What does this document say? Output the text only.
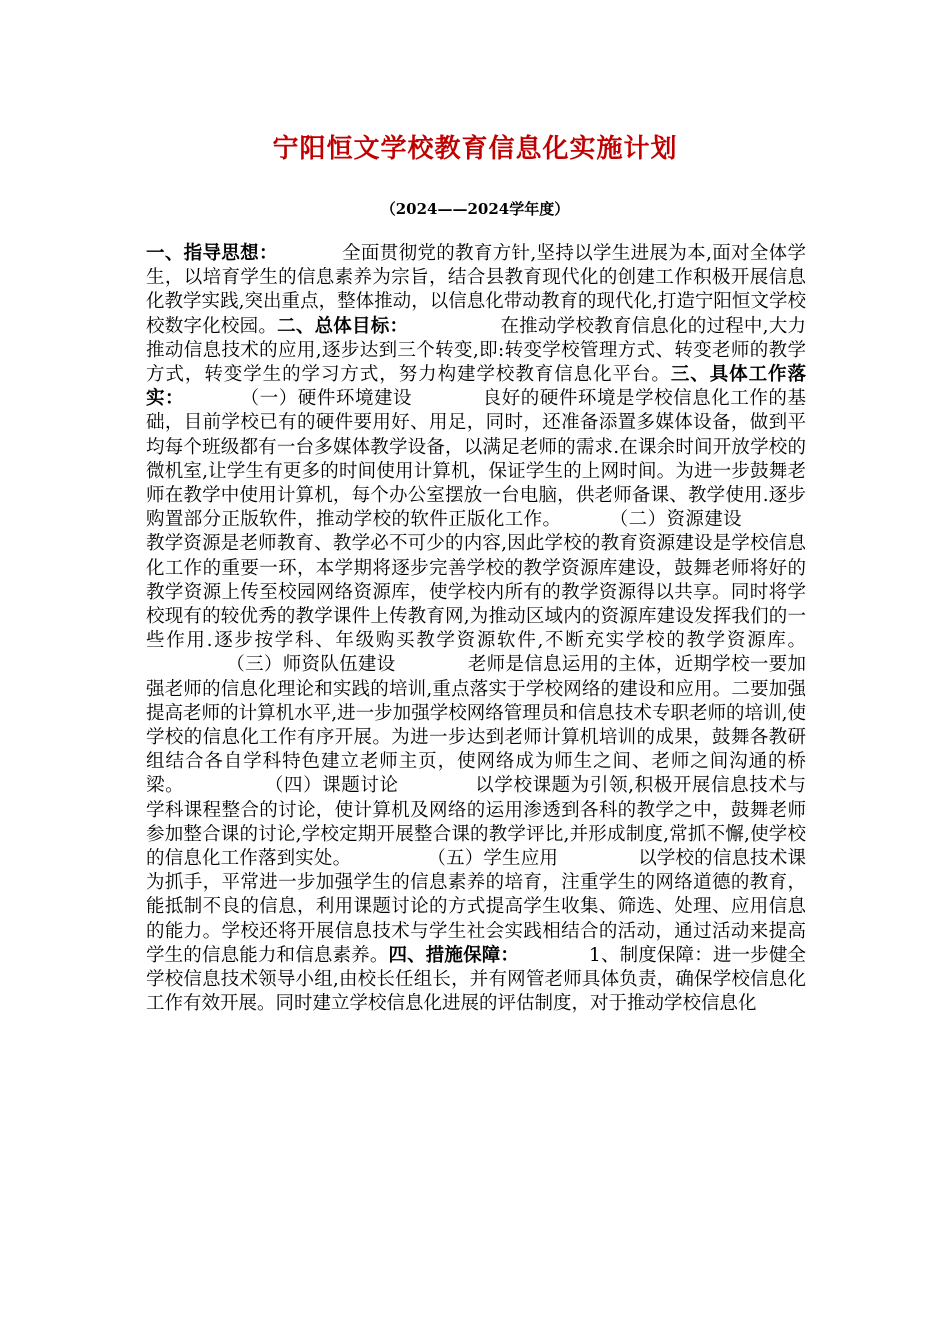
宁阳恒文学校教育信息化实施计划
（2024——2024学年度）
一、指导思想：	全面贯彻党的教育方针,坚持以学生进展为本,面对全体学生，以培育学生的信息素养为宗旨，结合县教育现代化的创建工作积极开展信息化教学实践,突出重点，整体推动，以信息化带动教育的现代化,打造宁阳恒文学校校数字化校园。二、总体目标：	在推动学校教育信息化的过程中,大力推动信息技术的应用,逐步达到三个转变,即:转变学校管理方式、转变老师的教学方式，转变学生的学习方式，努力构建学校教育信息化平台。三、具体工作落实：	（一）硬件环境建设	良好的硬件环境是学校信息化工作的基础，目前学校已有的硬件要用好、用足，同时，还准备添置多媒体设备，做到平均每个班级都有一台多媒体教学设备，以满足老师的需求.在课余时间开放学校的微机室,让学生有更多的时间使用计算机，保证学生的上网时间。为进一步鼓舞老师在教学中使用计算机，每个办公室摆放一台电脑，供老师备课、教学使用.逐步购置部分正版软件，推动学校的软件正版化工作。	（二）资源建设教学资源是老师教育、教学必不可少的内容,因此学校的教育资源建设是学校信息化工作的重要一环，本学期将逐步完善学校的教学资源库建设，鼓舞老师将好的教学资源上传至校园网络资源库，使学校内所有的教学资源得以共享。同时将学校现有的较优秀的教学课件上传教育网,为推动区域内的资源库建设发挥我们的一些作用.逐步按学科、年级购买教学资源软件,不断充实学校的教学资源库。（三）师资队伍建设	老师是信息运用的主体，近期学校一要加强老师的信息化理论和实践的培训,重点落实于学校网络的建设和应用。二要加强提高老师的计算机水平,进一步加强学校网络管理员和信息技术专职老师的培训,使学校的信息化工作有序开展。为进一步达到老师计算机培训的成果，鼓舞各教研组结合各自学科特色建立老师主页，使网络成为师生之间、老师之间沟通的桥梁。	（四）课题讨论	以学校课题为引领,积极开展信息技术与学科课程整合的讨论，使计算机及网络的运用渗透到各科的教学之中，鼓舞老师参加整合课的讨论,学校定期开展整合课的教学评比,并形成制度,常抓不懈,使学校的信息化工作落到实处。	（五）学生应用	以学校的信息技术课为抓手，平常进一步加强学生的信息素养的培育，注重学生的网络道德的教育，能抵制不良的信息，利用课题讨论的方式提高学生收集、筛选、处理、应用信息的能力。学校还将开展信息技术与学生社会实践相结合的活动，通过活动来提高学生的信息能力和信息素养。四、措施保障：	1、制度保障：进一步健全学校信息技术领导小组,由校长任组长，并有网管老师具体负责，确保学校信息化工作有效开展。同时建立学校信息化进展的评估制度，对于推动学校信息化
